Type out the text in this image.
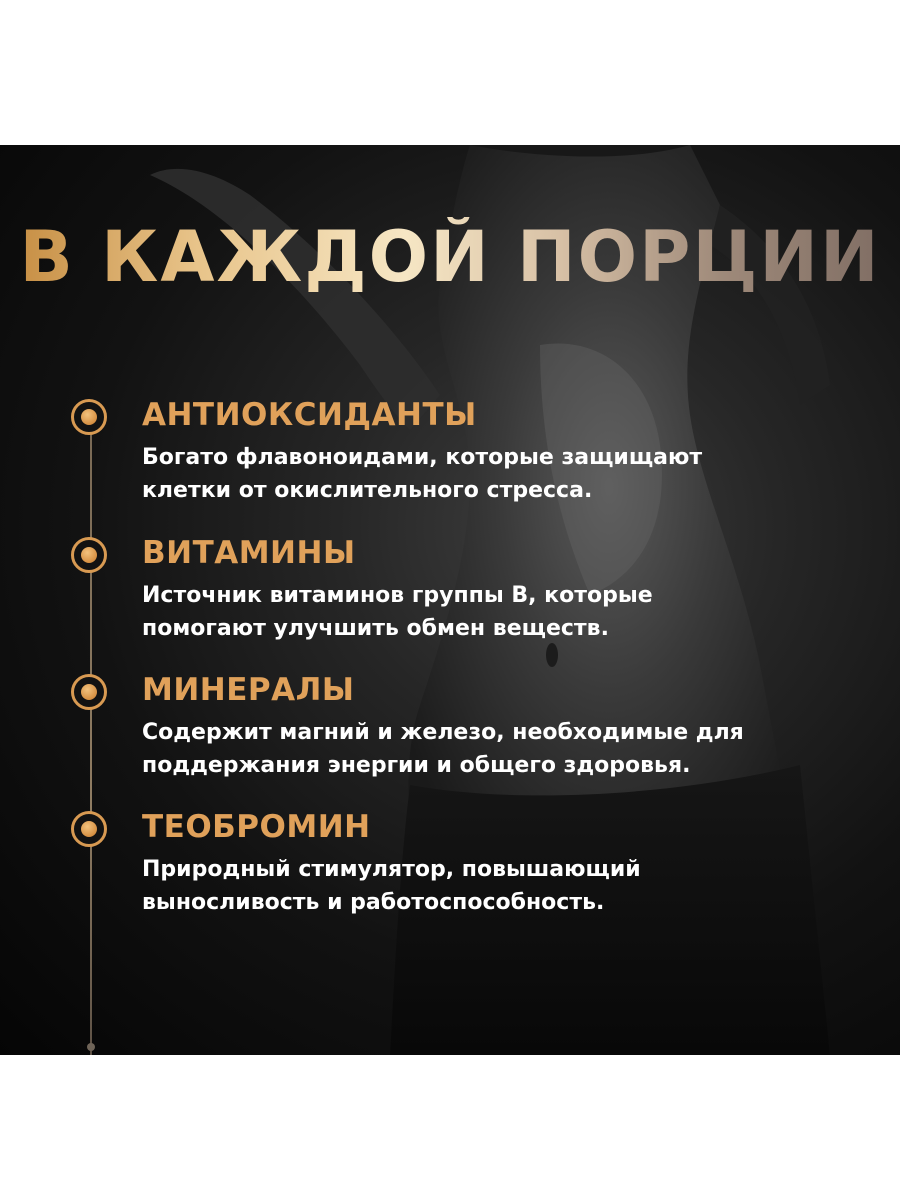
В КАЖДОЙ ПОРЦИИ
АНТИОКСИДАНТЫ
Богато флавоноидами, которые защищают
клетки от окислительного стресса.
ВИТАМИНЫ
Источник витаминов группы B, которые
помогают улучшить обмен веществ.
МИНЕРАЛЫ
Содержит магний и железо, необходимые для
поддержания энергии и общего здоровья.
ТЕОБРОМИН
Природный стимулятор, повышающий
выносливость и работоспособность.
